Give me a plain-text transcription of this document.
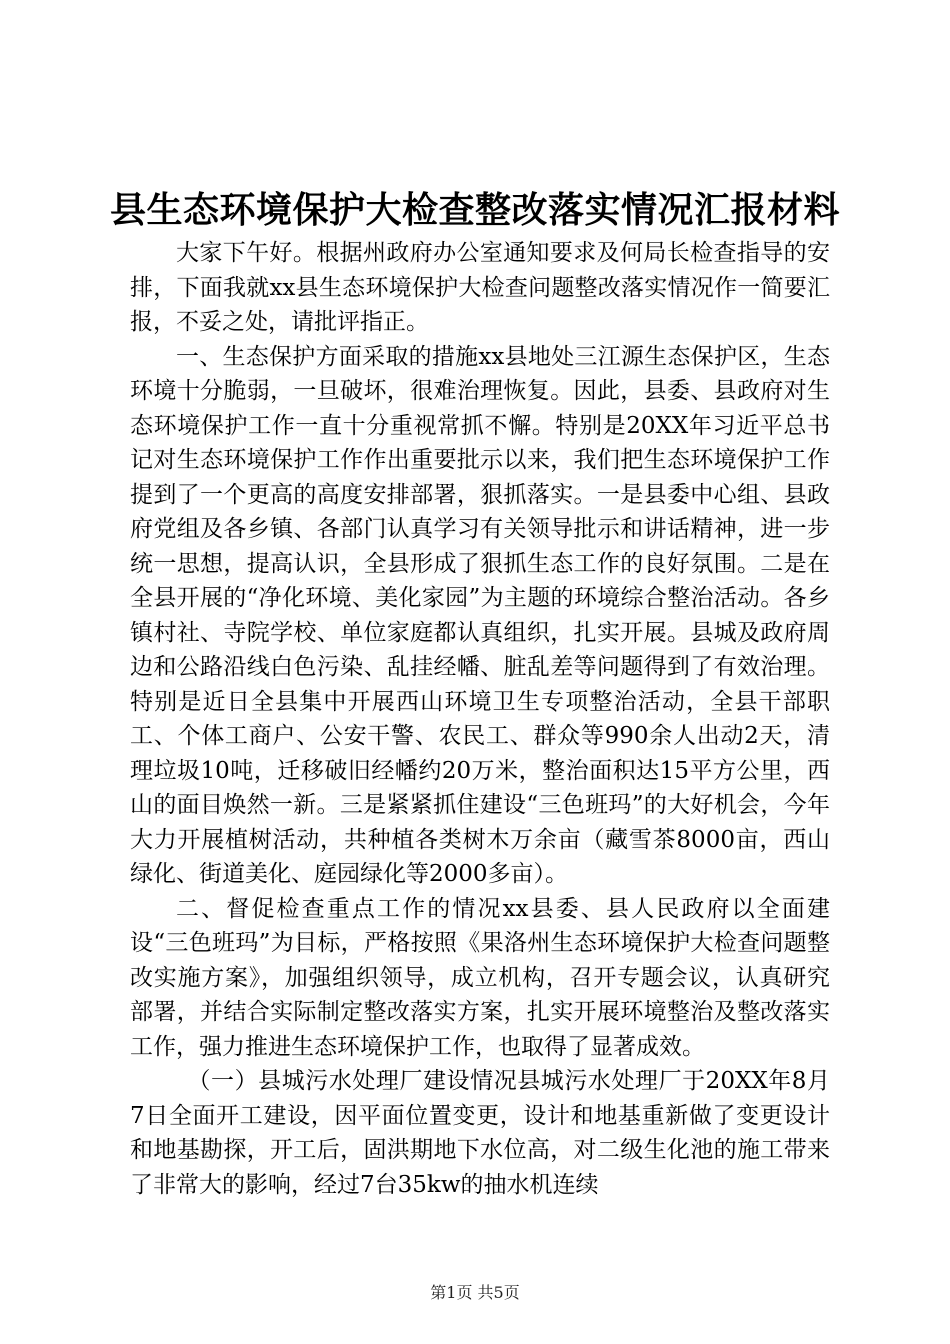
县生态环境保护大检查整改落实情况汇报材料

大家下午好。根据州政府办公室通知要求及何局长检查指导的安排，下面我就xx县生态环境保护大检查问题整改落实情况作一简要汇报，不妥之处，请批评指正。

一、生态保护方面采取的措施xx县地处三江源生态保护区，生态环境十分脆弱，一旦破坏，很难治理恢复。因此，县委、县政府对生态环境保护工作一直十分重视常抓不懈。特别是20XX年习近平总书记对生态环境保护工作作出重要批示以来，我们把生态环境保护工作提到了一个更高的高度安排部署，狠抓落实。一是县委中心组、县政府党组及各乡镇、各部门认真学习有关领导批示和讲话精神，进一步统一思想，提高认识，全县形成了狠抓生态工作的良好氛围。二是在全县开展的“净化环境、美化家园”为主题的环境综合整治活动。各乡镇村社、寺院学校、单位家庭都认真组织，扎实开展。县城及政府周边和公路沿线白色污染、乱挂经幡、脏乱差等问题得到了有效治理。特别是近日全县集中开展西山环境卫生专项整治活动，全县干部职工、个体工商户、公安干警、农民工、群众等990余人出动2天，清理垃圾10吨，迁移破旧经幡约20万米，整治面积达15平方公里，西山的面目焕然一新。三是紧紧抓住建设“三色班玛”的大好机会，今年大力开展植树活动，共种植各类树木万余亩（藏雪茶8000亩，西山绿化、街道美化、庭园绿化等2000多亩）。

二、督促检查重点工作的情况xx县委、县人民政府以全面建设“三色班玛”为目标，严格按照《果洛州生态环境保护大检查问题整改实施方案》，加强组织领导，成立机构，召开专题会议，认真研究部署，并结合实际制定整改落实方案，扎实开展环境整治及整改落实工作，强力推进生态环境保护工作，也取得了显著成效。

（一）县城污水处理厂建设情况县城污水处理厂于20XX年8月7日全面开工建设，因平面位置变更，设计和地基重新做了变更设计和地基勘探，开工后，固洪期地下水位高，对二级生化池的施工带来了非常大的影响，经过7台35kw的抽水机连续

第1页 共5页
